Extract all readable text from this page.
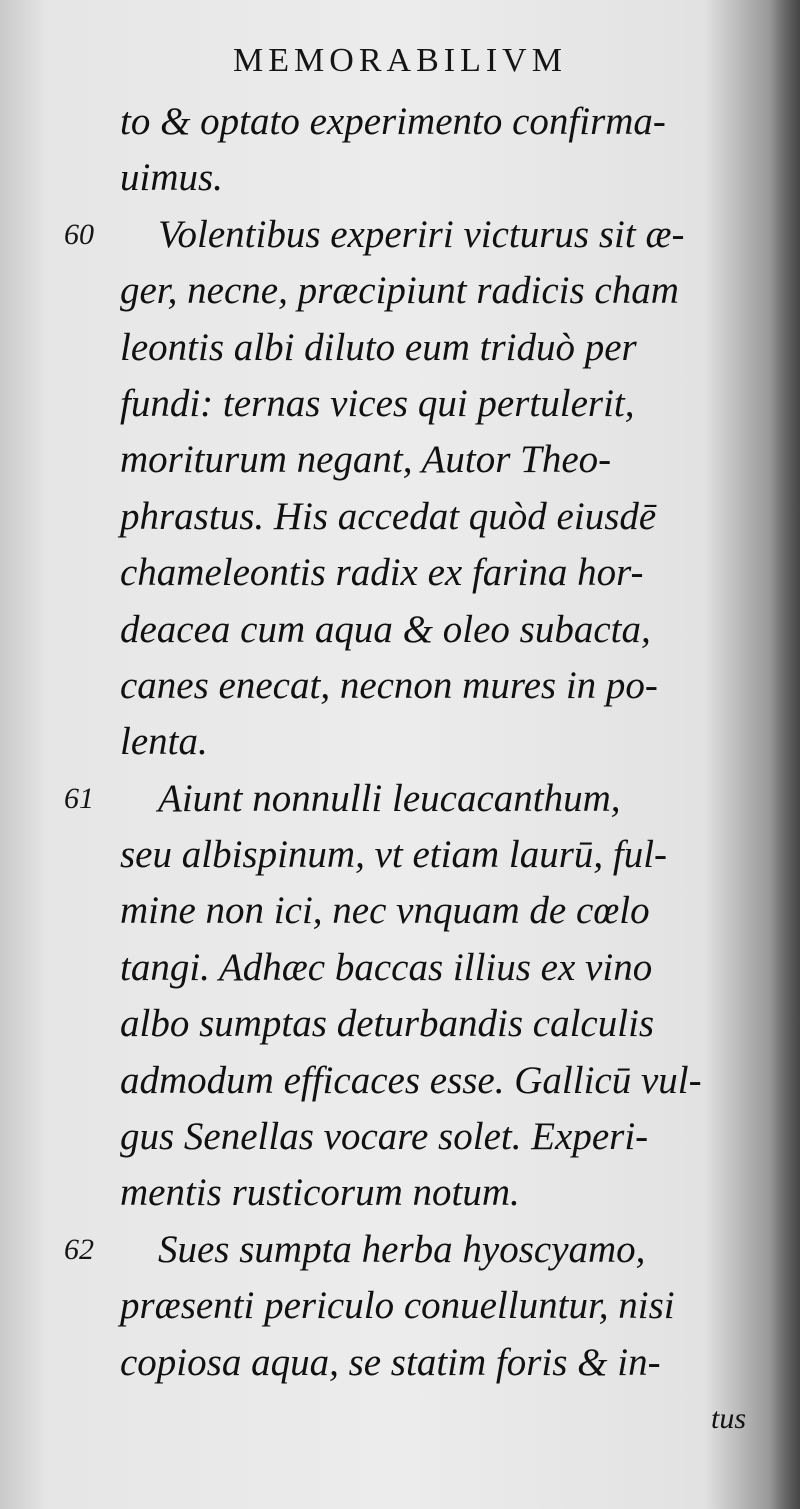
MEMORABILIVM
to & optato experimento confirma-
uimus.
60 Volentibus experiri victurus sit æ-
ger, necne, præcipiunt radicis cham
leontis albi diluto eum triduò per
fundi: ternas vices qui pertulerit,
moriturum negant, Autor Theo-
phrastus. His accedat quòd eiusdē
chameleontis radix ex farina hor-
deacea cum aqua & oleo subacta,
canes enecat, necnon mures in po-
lenta.
61 Aiunt nonnulli leucacanthum,
seu albispinum, vt etiam laurū, ful-
mine non ici, nec vnquam de cœlo
tangi. Adhæc baccas illius ex vino
albo sumptas deturbandis calculis
admodum efficaces esse. Gallicū vul-
gus Senellas vocare solet. Experi-
mentis rusticorum notum.
62 Sues sumpta herba hyoscyamo,
præsenti periculo conuelluntur, nisi
copiosa aqua, se statim foris & in-
tus
